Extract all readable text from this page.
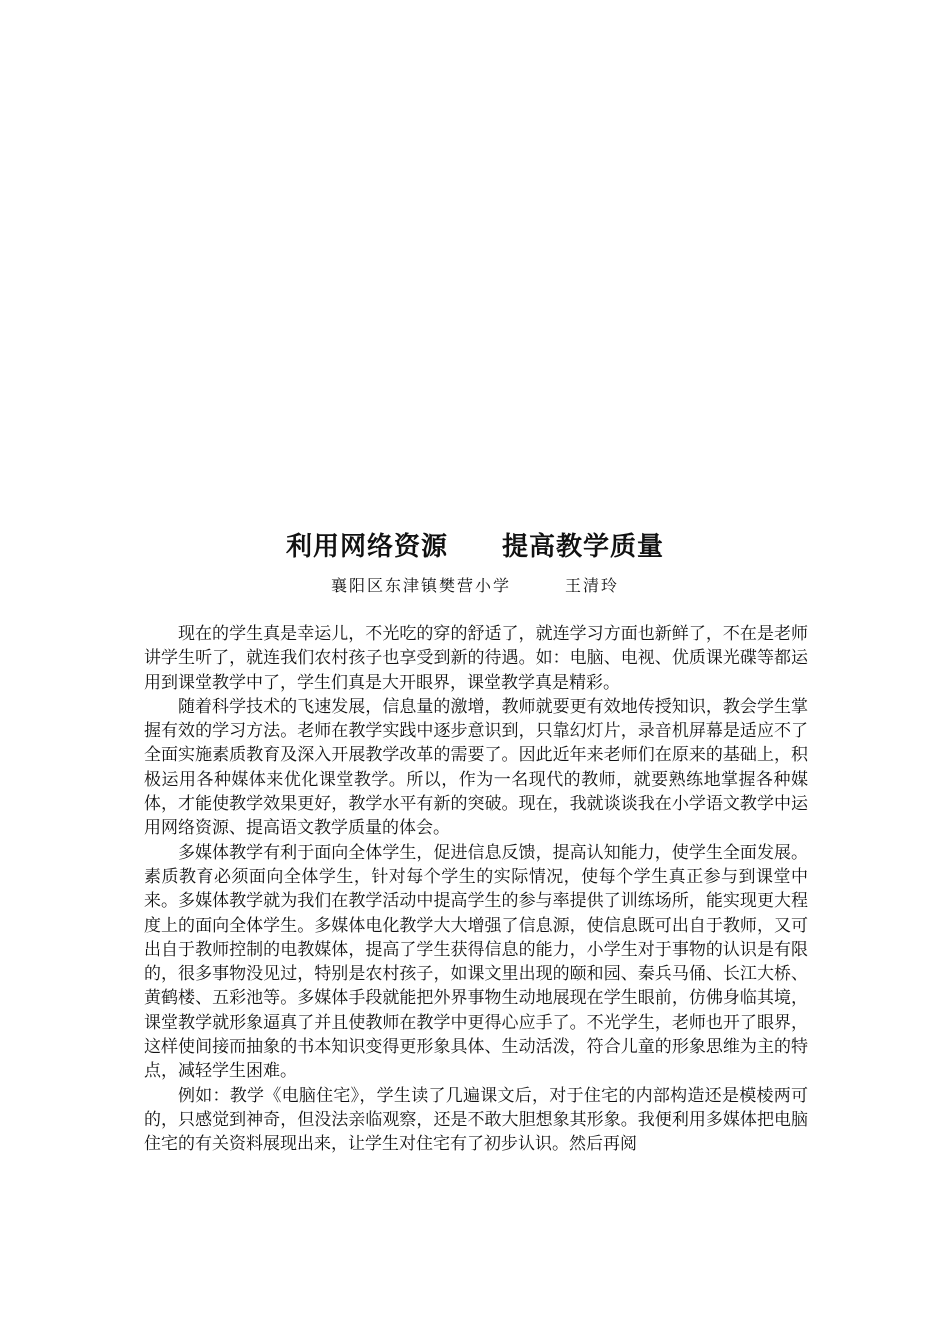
利用网络资源　　提高教学质量
襄阳区东津镇樊营小学　　　王清玲

现在的学生真是幸运儿，不光吃的穿的舒适了，就连学习方面也新鲜了，不在是老师讲学生听了，就连我们农村孩子也享受到新的待遇。如：电脑、电视、优质课光碟等都运用到课堂教学中了，学生们真是大开眼界，课堂教学真是精彩。

随着科学技术的飞速发展，信息量的激增，教师就要更有效地传授知识，教会学生掌握有效的学习方法。老师在教学实践中逐步意识到，只靠幻灯片，录音机屏幕是适应不了全面实施素质教育及深入开展教学改革的需要了。因此近年来老师们在原来的基础上，积极运用各种媒体来优化课堂教学。所以，作为一名现代的教师，就要熟练地掌握各种媒体，才能使教学效果更好，教学水平有新的突破。现在，我就谈谈我在小学语文教学中运用网络资源、提高语文教学质量的体会。

多媒体教学有利于面向全体学生，促进信息反馈，提高认知能力，使学生全面发展。素质教育必须面向全体学生，针对每个学生的实际情况，使每个学生真正参与到课堂中来。多媒体教学就为我们在教学活动中提高学生的参与率提供了训练场所，能实现更大程度上的面向全体学生。多媒体电化教学大大增强了信息源，使信息既可出自于教师，又可出自于教师控制的电教媒体，提高了学生获得信息的能力，小学生对于事物的认识是有限的，很多事物没见过，特别是农村孩子，如课文里出现的颐和园、秦兵马俑、长江大桥、黄鹤楼、五彩池等。多媒体手段就能把外界事物生动地展现在学生眼前，仿佛身临其境，课堂教学就形象逼真了并且使教师在教学中更得心应手了。不光学生，老师也开了眼界，这样使间接而抽象的书本知识变得更形象具体、生动活泼，符合儿童的形象思维为主的特点，减轻学生困难。

例如：教学《电脑住宅》，学生读了几遍课文后，对于住宅的内部构造还是模棱两可的，只感觉到神奇，但没法亲临观察，还是不敢大胆想象其形象。我便利用多媒体把电脑住宅的有关资料展现出来，让学生对住宅有了初步认识。然后再阅
